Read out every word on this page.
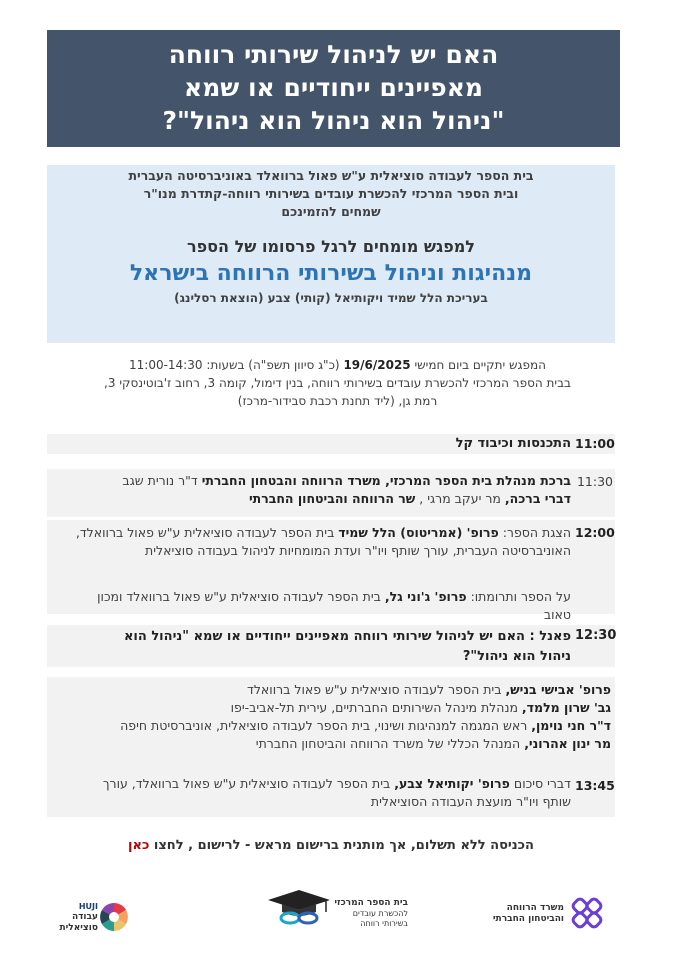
האם יש לניהול שירותי רווחה
מאפיינים ייחודיים או שמא
"ניהול הוא ניהול הוא ניהול"?
בית הספר לעבודה סוציאלית ע"ש פאול ברוואלד באוניברסיטה העברית
ובית הספר המרכזי להכשרת עובדים בשירותי רווחה-קתדרת מנו"ר
שמחים להזמינכם
למפגש מומחים לרגל פרסומו של הספר
מנהיגות וניהול בשירותי הרווחה בישראל
בעריכת הלל שמיד ויקותיאל (קותי) צבע (הוצאת רסלינג)
המפגש יתקיים ביום חמישי 19/6/2025 (כ"ג סיוון תשפ"ה) בשעות: 11:00-14:30
בבית הספר המרכזי להכשרת עובדים בשירותי רווחה, בנין דימול, קומה 3, רחוב ז'בוטינסקי 3,
רמת גן, (ליד תחנת רכבת סבידור-מרכז)
11:00
התכנסות וכיבוד קל
11:30
ברכת מנהלת בית הספר המרכזי, משרד הרווחה והבטחון החברתי ד"ר נורית שגב
דברי ברכה, מר יעקב מרגי , שר הרווחה והביטחון החברתי
12:00
הצגת הספר: פרופ' (אמריטוס) הלל שמיד בית הספר לעבודה סוציאלית ע"ש פאול ברוואלד,
האוניברסיטה העברית, עורך שותף ויו"ר ועדת המומחיות לניהול בעבודה סוציאלית
על הספר ותרומתו: פרופ' ג'וני גל, בית הספר לעבודה סוציאלית ע"ש פאול ברוואלד ומכון
טאוב
12:30
פאנל : האם יש לניהול שירותי רווחה מאפיינים ייחודיים או שמא "ניהול הוא
ניהול הוא ניהול"?
13:45
פרופ' אבישי בניש, בית הספר לעבודה סוציאלית ע"ש פאול ברוואלד
גב' שרון מלמד, מנהלת מינהל השירותים החברתיים, עירית תל-אביב-יפו
ד"ר חני נוימן, ראש המגמה למנהיגות ושינוי, בית הספר לעבודה סוציאלית, אוניברסיטת חיפה
מר ינון אהרוני, המנהל הכללי של משרד הרווחה והביטחון החברתי
דברי סיכום פרופ' יקותיאל צבע, בית הספר לעבודה סוציאלית ע"ש פאול ברוואלד, עורך
שותף ויו"ר מועצת העבודה הסוציאלית
הכניסה ללא תשלום, אך מותנית ברישום מראש - לרישום , לחצו כאן
HUJI
עבודה
סוציאלית
בית הספר המרכזי
להכשרת עובדים בשירותי רווחה
משרד הרווחה
והביטחון החברתי
